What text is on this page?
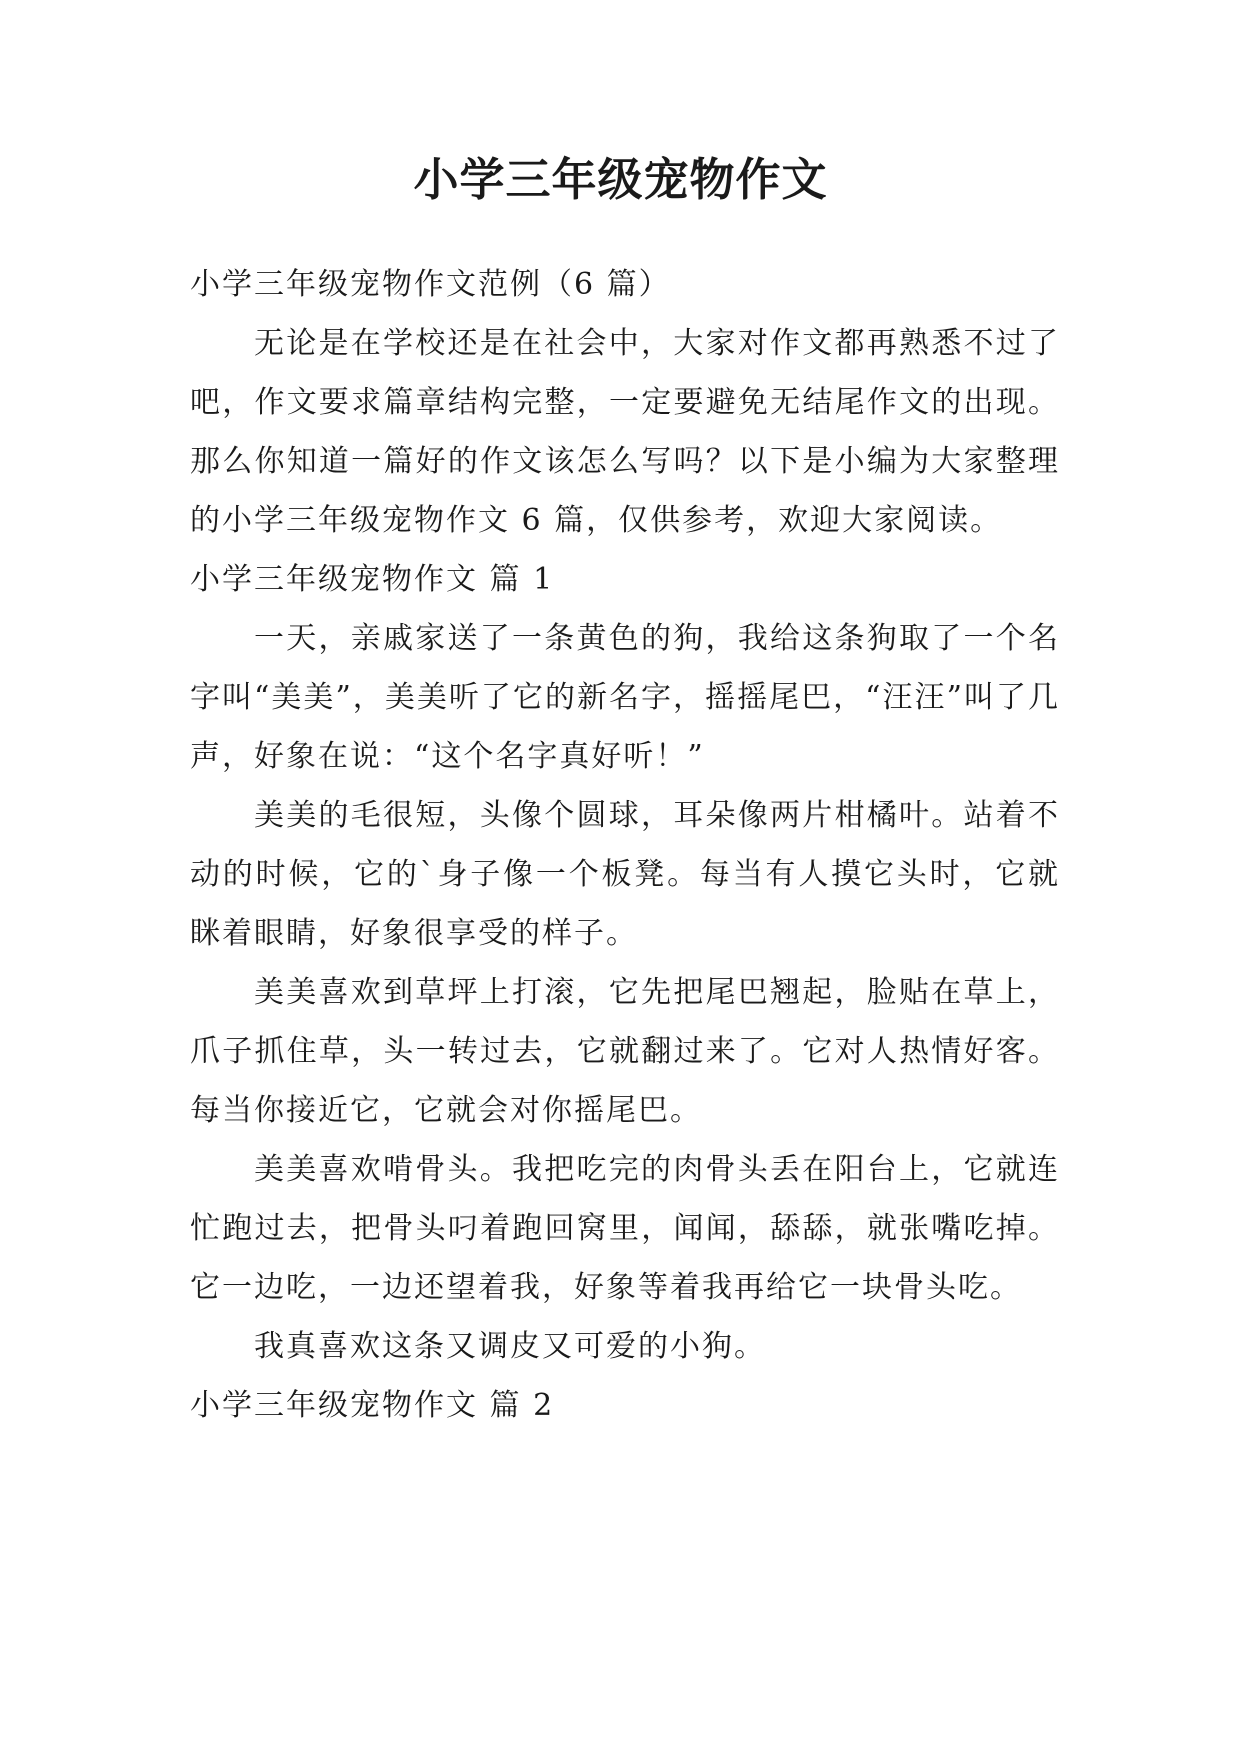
小学三年级宠物作文

小学三年级宠物作文范例（6 篇）

无论是在学校还是在社会中，大家对作文都再熟悉不过了吧，作文要求篇章结构完整，一定要避免无结尾作文的出现。那么你知道一篇好的作文该怎么写吗？以下是小编为大家整理的小学三年级宠物作文 6 篇，仅供参考，欢迎大家阅读。

小学三年级宠物作文 篇 1

一天，亲戚家送了一条黄色的狗，我给这条狗取了一个名字叫“美美”，美美听了它的新名字，摇摇尾巴，“汪汪”叫了几声，好象在说：“这个名字真好听！”

美美的毛很短，头像个圆球，耳朵像两片柑橘叶。站着不动的时候，它的`身子像一个板凳。每当有人摸它头时，它就眯着眼睛，好象很享受的样子。

美美喜欢到草坪上打滚，它先把尾巴翘起，脸贴在草上，爪子抓住草，头一转过去，它就翻过来了。它对人热情好客。每当你接近它，它就会对你摇尾巴。

美美喜欢啃骨头。我把吃完的肉骨头丢在阳台上，它就连忙跑过去，把骨头叼着跑回窝里，闻闻，舔舔，就张嘴吃掉。它一边吃，一边还望着我，好象等着我再给它一块骨头吃。

我真喜欢这条又调皮又可爱的小狗。

小学三年级宠物作文 篇 2
